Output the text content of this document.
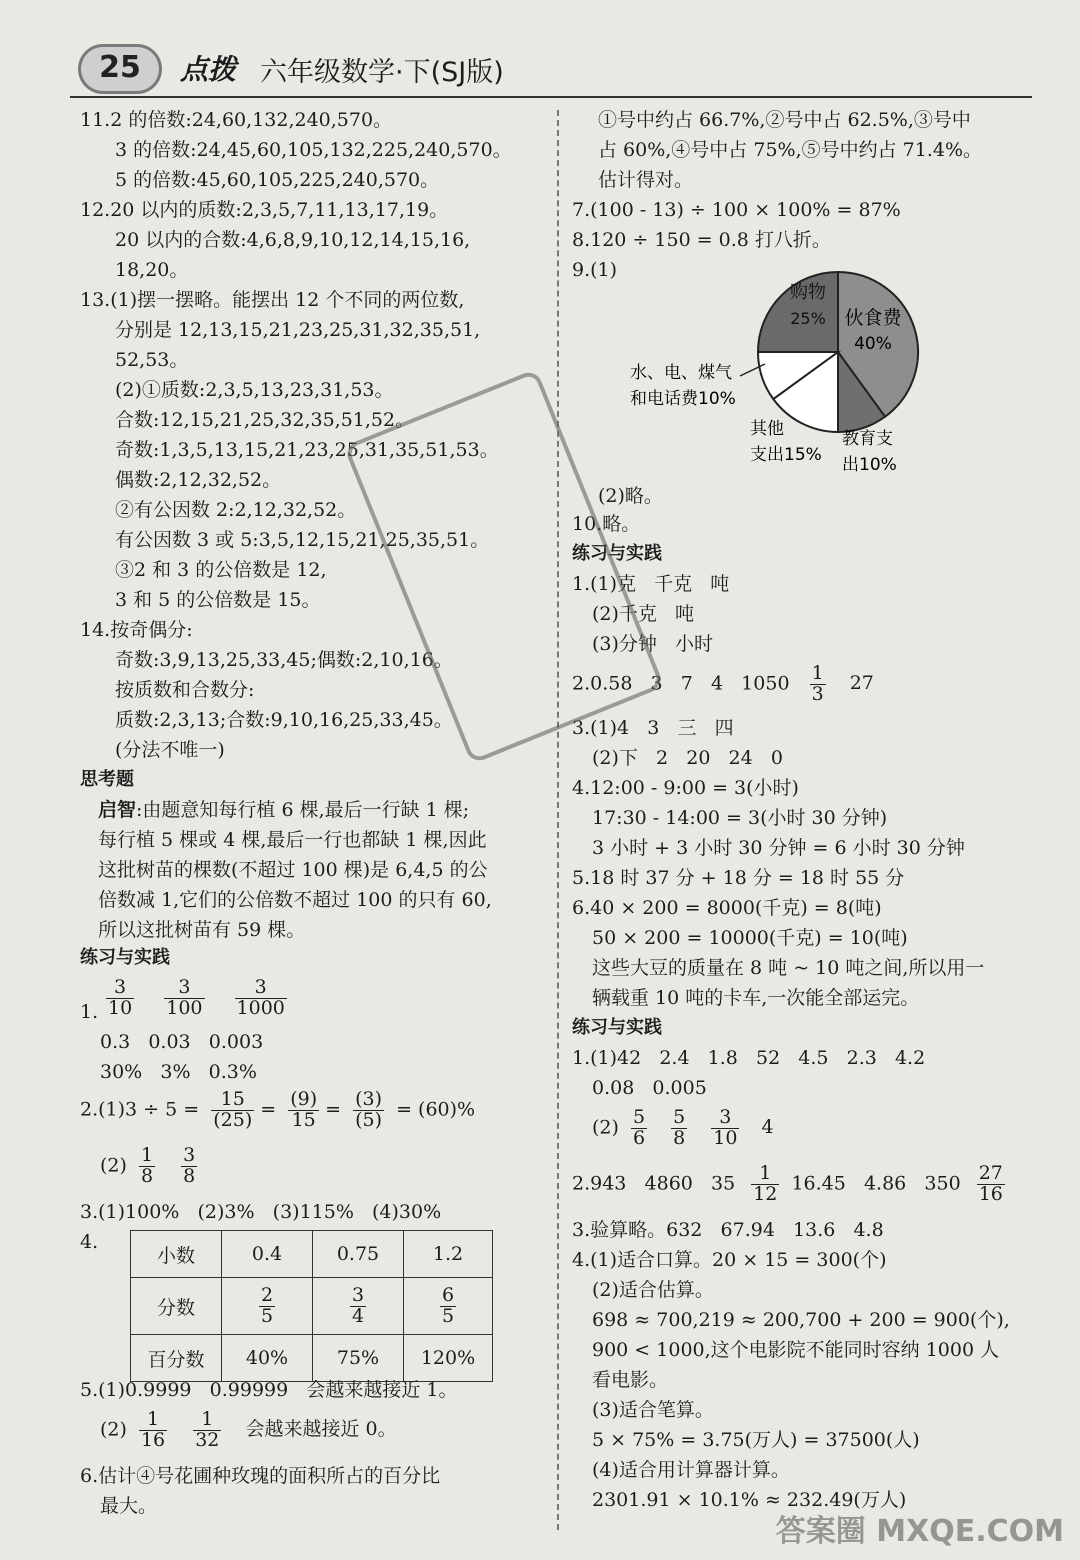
25	点拨 六年级数学·下(SJ版)
11.2 的倍数:24,60,132,240,570。
3 的倍数:24,45,60,105,132,225,240,570。
5 的倍数:45,60,105,225,240,570。
12.20 以内的质数:2,3,5,7,11,13,17,19。
20 以内的合数:4,6,8,9,10,12,14,15,16,
18,20。
13.(1)摆一摆略。能摆出 12 个不同的两位数,
分别是 12,13,15,21,23,25,31,32,35,51,
52,53。
(2)①质数:2,3,5,13,23,31,53。
合数:12,15,21,25,32,35,51,52。
奇数:1,3,5,13,15,21,23,25,31,35,51,53。
偶数:2,12,32,52。
②有公因数 2:2,12,32,52。
有公因数 3 或 5:3,5,12,15,21,25,35,51。
③2 和 3 的公倍数是 12,
3 和 5 的公倍数是 15。
14.按奇偶分:
奇数:3,9,13,25,33,45;偶数:2,10,16。
按质数和合数分:
质数:2,3,13;合数:9,10,16,25,33,45。
(分法不唯一)
思考题
启智:由题意知每行植 6 棵,最后一行缺 1 棵;
每行植 5 棵或 4 棵,最后一行也都缺 1 棵,因此
这批树苗的棵数(不超过 100 棵)是 6,4,5 的公
倍数减 1,它们的公倍数不超过 100 的只有 60,
所以这批树苗有 59 棵。
练习与实践
1. $\frac{3}{10}$
$\frac{3}{100}$
$\frac{3}{1000}$
0.3   0.03   0.003
30%   3%   0.3%
$2.(1)3 \div 5 = \frac{15}{(25)} = \frac{(9)}{15} = \frac{(3)}{(5)} = (60)\%$
$(2) \frac{1}{8}$
$\frac{3}{8}$
3.(1)100%   (2)3%   (3)115%   (4)30%
4.
小数	0.4	0.75	1.2
分数	$\frac{2}{5}$	$\frac{3}{4}$	$\frac{6}{5}$

百分数	40%	75%	120%
5.(1)0.9999   0.99999   会越来越接近 1。
$(2) \frac{1}{16}$
$\frac{1}{32}$ 会越来越接近 0。
6.估计④号花圃种玫瑰的面积所占的百分比
最大。
①号中约占 66.7%,②号中占 62.5%,③号中
占 60%,④号中占 75%,⑤号中约占 71.4%。
估计得对。
7.(100 - 13) ÷ 100 × 100% = 87%
8.120 ÷ 150 = 0.8 打八折。
9.(1)
伙食费
40%
购物
25%
水、电、煤气
和电话费10%
其他
支出15%
教育支
出10%
(2)略。
10.略。
练习与实践
1.(1)克   千克   吨
(2)千克   吨
(3)分钟   小时
2.0.58   3   7   4   $1050 \frac{1}{3} 27$
3.(1)4   3   三   四
(2)下   2   20   24   0
4.12:00 - 9:00 = 3(小时)
17:30 - 14:00 = 3(小时 30 分钟)
3 小时 + 3 小时 30 分钟 = 6 小时 30 分钟
5.18 时 37 分 + 18 分 = 18 时 55 分
6.40 × 200 = 8000(千克) = 8(吨)
50 × 200 = 10000(千克) = 10(吨)
这些大豆的质量在 8 吨 ~ 10 吨之间,所以用一
辆载重 10 吨的卡车,一次能全部运完。
练习与实践
1.(1)42   2.4   1.8   52   4.5   2.3   4.2
0.08   0.005
$(2) \frac{5}{6}$
$\frac{5}{8}$
$\frac{3}{10} 4$
2.943   4860   $35 \frac{1}{12} 16.45$   4.86   $350 \frac{27}{16}$
3.验算略。632   67.94   13.6   4.8
4.(1)适合口算。20 × 15 = 300(个)
(2)适合估算。
698 ≈ 700,219 ≈ 200,700 + 200 = 900(个),
900 < 1000,这个电影院不能同时容纳 1000 人
看电影。
(3)适合笔算。
5 × 75% = 3.75(万人) = 37500(人)
(4)适合用计算器计算。
2301.91 × 10.1% ≈ 232.49(万人)
答案圈 MXQE.COM
